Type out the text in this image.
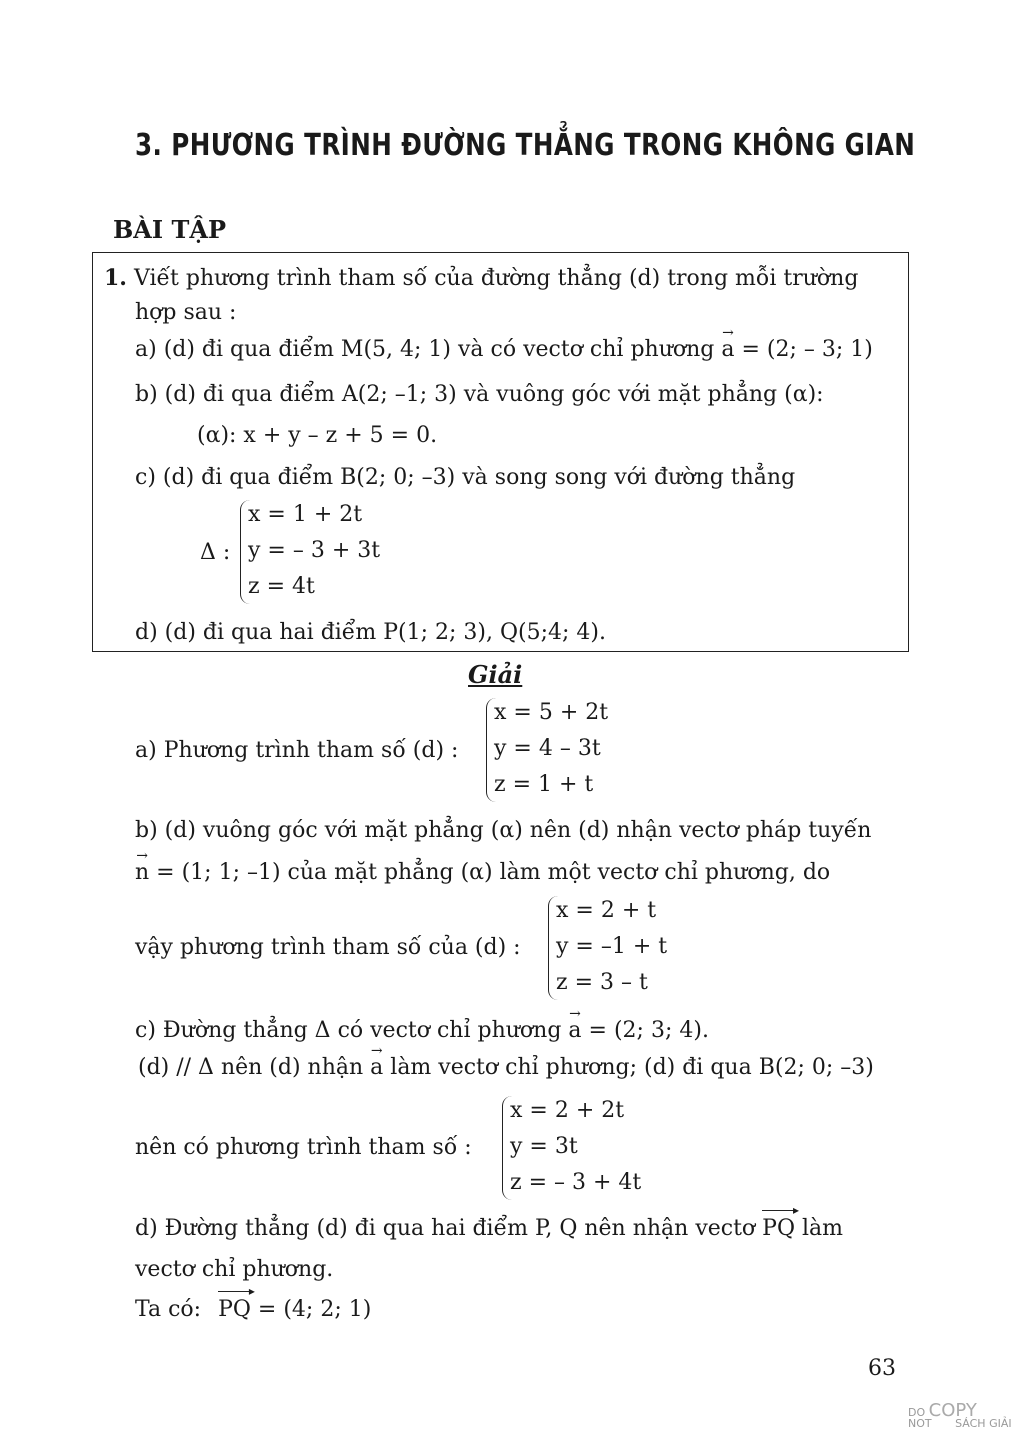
3. PHƯƠNG TRÌNH ĐƯỜNG THẲNG TRONG KHÔNG GIAN
BÀI TẬP
1. Viết phương trình tham số của đường thẳng (d) trong mỗi trường
hợp sau :
a) (d) đi qua điểm M(5, 4; 1) và có vectơ chỉ phương
→
a = (2; – 3; 1)
b) (d) đi qua điểm A(2; –1; 3) và vuông góc với mặt phẳng (α):
(α): x + y – z + 5 = 0.
c) (d) đi qua điểm B(2; 0; –3) và song song với đường thẳng
Δ :
x = 1 + 2t
y = – 3 + 3t
z = 4t
d) (d) đi qua hai điểm P(1; 2; 3), Q(5;4; 4).
Giải
a) Phương trình tham số (d) :
x = 5 + 2t
y = 4 – 3t
z = 1 + t
b) (d) vuông góc với mặt phẳng (α) nên (d) nhận vectơ pháp tuyến
→
n = (1; 1; –1) của mặt phẳng (α) làm một vectơ chỉ phương, do
vậy phương trình tham số của (d) :
x = 2 + t
y = –1 + t
z = 3 – t
c) Đường thẳng Δ có vectơ chỉ phương
→
a = (2; 3; 4).
(d) // Δ nên (d) nhận
→
a làm vectơ chỉ phương; (d) đi qua B(2; 0; –3)
nên có phương trình tham số :
x = 2 + 2t
y = 3t
z = – 3 + 4t
d) Đường thẳng (d) đi qua hai điểm P, Q nên nhận vectơ
▸
PQ làm
vectơ chỉ phương.
Ta có:
▸
PQ = (4; 2; 1)
63
DO COPY
NOT SÁCH GIẢI
